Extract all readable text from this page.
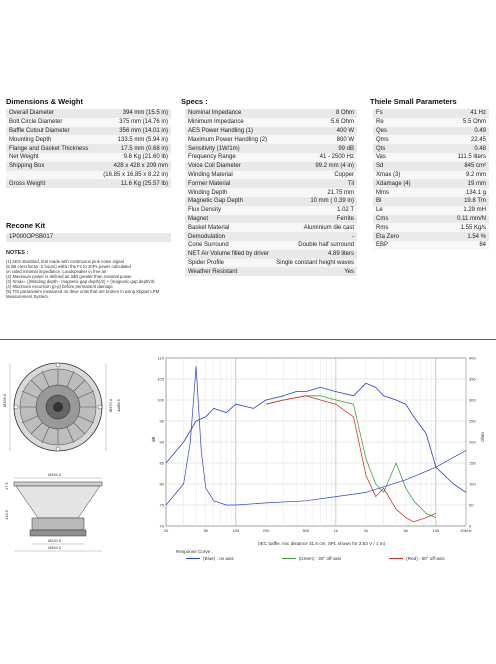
Dimensions & Weight
Overall Diameter	394 mm (15.5 in)
Bolt Circle Diameter	375 mm (14.76 in)
Baffle Cutout Diameter	356 mm (14.01 in)
Mounting Depth	133.5 mm (5.94 in)
Flange and Gasket Thickness	17.5 mm (0.68 in)
Net Weight	9.8 Kg (21.60 lb)
Shipping Box	428 x 428 x 209 mm
	(16.85 x 16.85 x 8.22 in)
Gross Weight	11.6 Kg (25.57 lb)
Recone Kit
1P000OPSB017
NOTES :
(1) AES standard, test made with continuous pink noise signal
(6 dB crest factor, 2 hours) within the Fs to 10Fs power calculated
on rated minimal impedance. Loudspeaker in free air
(2) Maximum power is defined as 3dB greater than nominal power.
(3) Xmax= ((Winding depth - magnetic gap depth)/2) + (magnetic gap depth/3)
(4) Maximum excursion (p-p) before permanent damage
(5) T/S parameters measured on drive units that are broken in using Klippel LPM
Measurement System.
Specs :
Nominal Impedance	8 Ohm
Minimum Impedance	5.6 Ohm
AES Power Handling (1)	400 W
Maximum Power Handling (2)	800 W
Sensitivity (1W/1m)	99 dB
Frequency Range	41 - 2500 Hz
Voice Coil Diameter	99.2 mm (4 in)
Winding Material	Copper
Former Material	Til
Winding Depth	21.75 mm
Magnetic Gap Depth	10 mm ( 0.39 in)
Flux Density	1.02 T
Magnet	Ferrite
Basket Material	Aluminium die cast
Demodulation	-
Cone Surround	Double half surround
NET Air Volume filled by driver	4.89 liters
Spider Profile	Single constant height waves
Weather Resistant	Yes
Thiele Small Parameters
Fs	41 Hz
Re	5.5 Ohm
Qes	0.49
Qms	22.45
Qts	0.48
Vas	111.5 liters
Sd	845 cm²
Xmax (3)	9.2 mm
Xdamage (4)	19 mm
Mms	134.1 g
Bl	19.8 Tm
Le	1.29 mH
Cms	0.11 mm/N
Rms	1.55 Kg/s
Eta Zero	1.54 %
EBP	84
Ø356.0	Ø375.0 4xØ8.5
Ø394.0
Ø220.0
Ø354.0
133.5
17.5
110	400
105	350
100	300
95	250
90	200
85	150
80	100
75	50
70	0
20	50	100	200	500	1k	2k	5k	10k	20kHz
dB	Ohm
(IEC baffle, mic distance 31.6 cm, SPL shown for 2.83 V / 1 m)
Response Curve :
(Blue) : on axis	(Green) : 30° off-axis	(Red) : 60° off-axis
